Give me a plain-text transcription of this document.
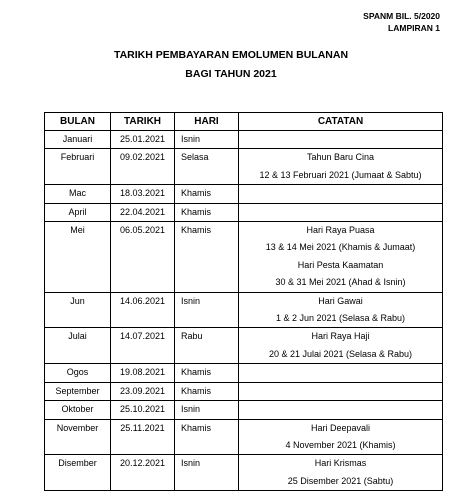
SPANM BIL. 5/2020
LAMPIRAN 1
TARIKH PEMBAYARAN EMOLUMEN BULANAN
BAGI TAHUN 2021
BULAN	TARIKH	HARI	CATATAN
Januari	25.01.2021	Isnin	
Februari	09.02.2021	Selasa	Tahun Baru Cina
12 & 13 Februari 2021 (Jumaat & Sabtu)

Mac	18.03.2021	Khamis	
April	22.04.2021	Khamis	
Mei	06.05.2021	Khamis	Hari Raya Puasa
13 & 14 Mei 2021 (Khamis & Jumaat)
Hari Pesta Kaamatan
30 & 31 Mei 2021 (Ahad & Isnin)

Jun	14.06.2021	Isnin	Hari Gawai
1 & 2 Jun 2021 (Selasa & Rabu)

Julai	14.07.2021	Rabu	Hari Raya Haji
20 & 21 Julai 2021 (Selasa & Rabu)

Ogos	19.08.2021	Khamis	
September	23.09.2021	Khamis	
Oktober	25.10.2021	Isnin	
November	25.11.2021	Khamis	Hari Deepavali
4 November 2021 (Khamis)

Disember	20.12.2021	Isnin	Hari Krismas
25 Disember 2021 (Sabtu)
